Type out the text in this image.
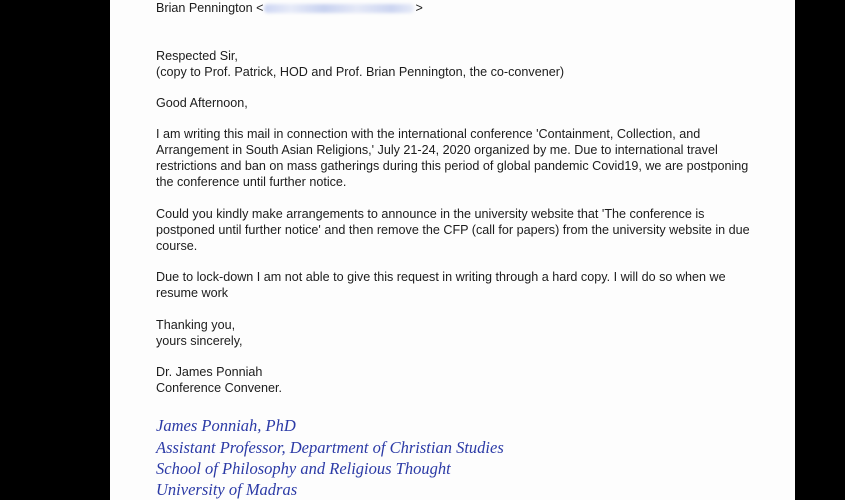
Brian Pennington <	>
Respected Sir,
(copy to Prof. Patrick, HOD and Prof. Brian Pennington, the co-convener)
Good Afternoon,
I am writing this mail in connection with the international conference 'Containment, Collection, and
Arrangement in South Asian Religions,' July 21-24, 2020 organized by me. Due to international travel
restrictions and ban on mass gatherings during this period of global pandemic Covid19, we are postponing
the conference until further notice.
Could you kindly make arrangements to announce in the university website that 'The conference is
postponed until further notice' and then remove the CFP (call for papers) from the university website in due
course.
Due to lock-down I am not able to give this request in writing through a hard copy. I will do so when we
resume work
Thanking you,
yours sincerely,
Dr. James Ponniah
Conference Convener.
James Ponniah, PhD
Assistant Professor, Department of Christian Studies
School of Philosophy and Religious Thought
University of Madras
